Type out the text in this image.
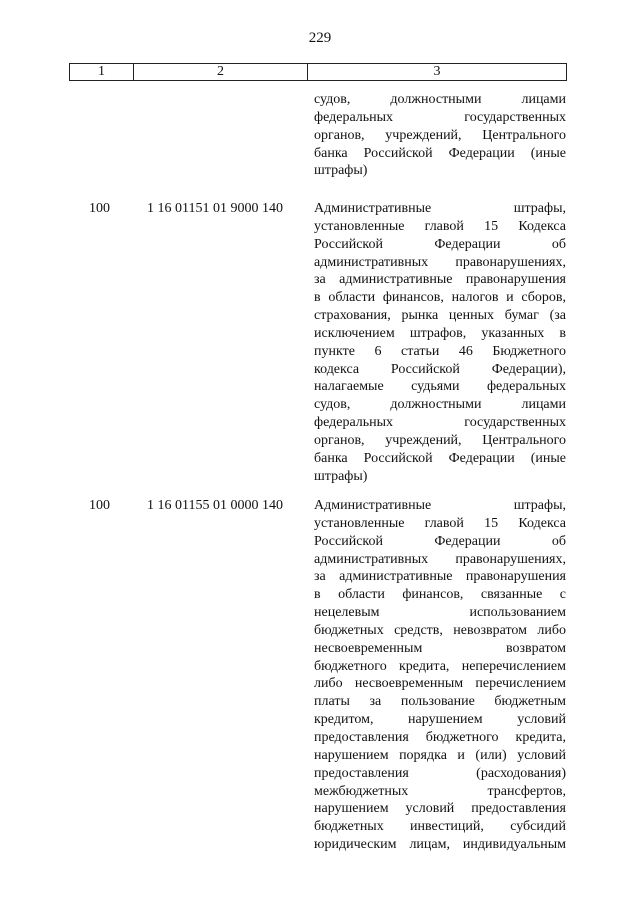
229
1	2	3
судов, должностными лицами
федеральных государственных
органов, учреждений, Центрального
банка Российской Федерации (иные
штрафы)
100	1 16 01151 01 9000 140	Административные штрафы,
установленные главой 15 Кодекса
Российской Федерации об
административных правонарушениях,
за административные правонарушения
в области финансов, налогов и сборов,
страхования, рынка ценных бумаг (за
исключением штрафов, указанных в
пункте 6 статьи 46 Бюджетного
кодекса Российской Федерации),
налагаемые судьями федеральных
судов, должностными лицами
федеральных государственных
органов, учреждений, Центрального
банка Российской Федерации (иные
штрафы)
100	1 16 01155 01 0000 140	Административные штрафы,
установленные главой 15 Кодекса
Российской Федерации об
административных правонарушениях,
за административные правонарушения
в области финансов, связанные с
нецелевым использованием
бюджетных средств, невозвратом либо
несвоевременным возвратом
бюджетного кредита, неперечислением
либо несвоевременным перечислением
платы за пользование бюджетным
кредитом, нарушением условий
предоставления бюджетного кредита,
нарушением порядка и (или) условий
предоставления (расходования)
межбюджетных трансфертов,
нарушением условий предоставления
бюджетных инвестиций, субсидий
юридическим лицам, индивидуальным
